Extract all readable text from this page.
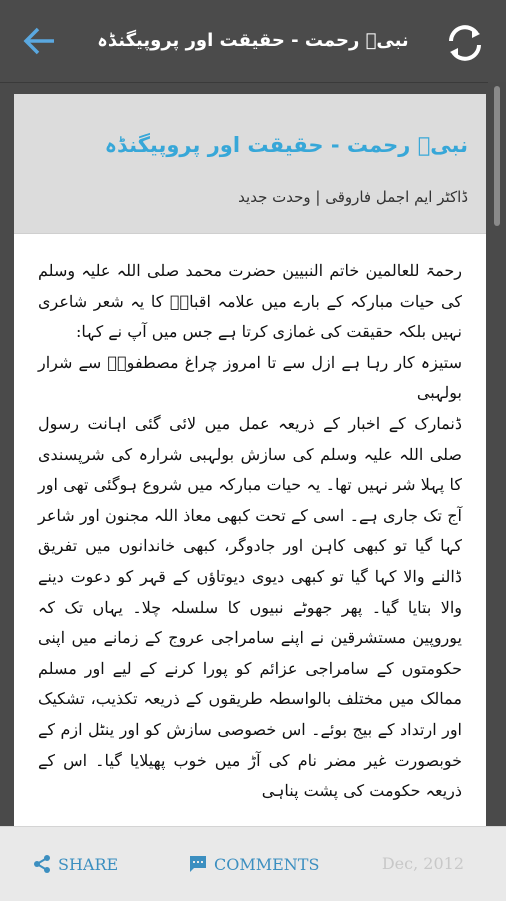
نبیؐ رحمت - حقیقت اور پروپیگنڈہ
نبیؐ رحمت - حقیقت اور پروپیگنڈہ
ڈاکٹر ایم اجمل فاروقی | وحدت جدید

رحمۃ للعالمین خاتم النبیین حضرت محمد صلی اللہ علیہ وسلم کی حیات مبارکہ کے بارے میں علامہ اقبالؔ کا یہ شعر شاعری نہیں بلکہ حقیقت کی غمازی کرتا ہے جس میں آپ نے کہا:

ستیزہ کار رہا ہے ازل سے تا امروز چراغ مصطفویؐ سے شرار بولہبی

ڈنمارک کے اخبار کے ذریعہ عمل میں لائی گئی اہانت رسول صلی اللہ علیہ وسلم کی سازش بولہبی شرارہ کی شرپسندی کا پہلا شر نہیں تھا۔ یہ حیات مبارکہ میں شروع ہوگئی تھی اور آج تک جاری ہے۔ اسی کے تحت کبھی معاذ اللہ مجنون اور شاعر کہا گیا تو کبھی کاہن اور جادوگر، کبھی خاندانوں میں تفریق ڈالنے والا کہا گیا تو کبھی دیوی دیوتاؤں کے قہر کو دعوت دینے والا بتایا گیا۔ پھر جھوٹے نبیوں کا سلسلہ چلا۔ یہاں تک کہ یوروپین مستشرقین نے اپنے سامراجی عروج کے زمانے میں اپنی حکومتوں کے سامراجی عزائم کو پورا کرنے کے لیے اور مسلم ممالک میں مختلف بالواسطہ طریقوں کے ذریعہ تکذیب، تشکیک اور ارتداد کے بیج بوئے۔ اس خصوصی سازش کو اور ینٹل ازم کے خوبصورت غیر مضر نام کی آڑ میں خوب پھیلایا گیا۔ اس کے ذریعہ حکومت کی پشت پناہی

SHARE	COMMENTS	Dec, 2012
